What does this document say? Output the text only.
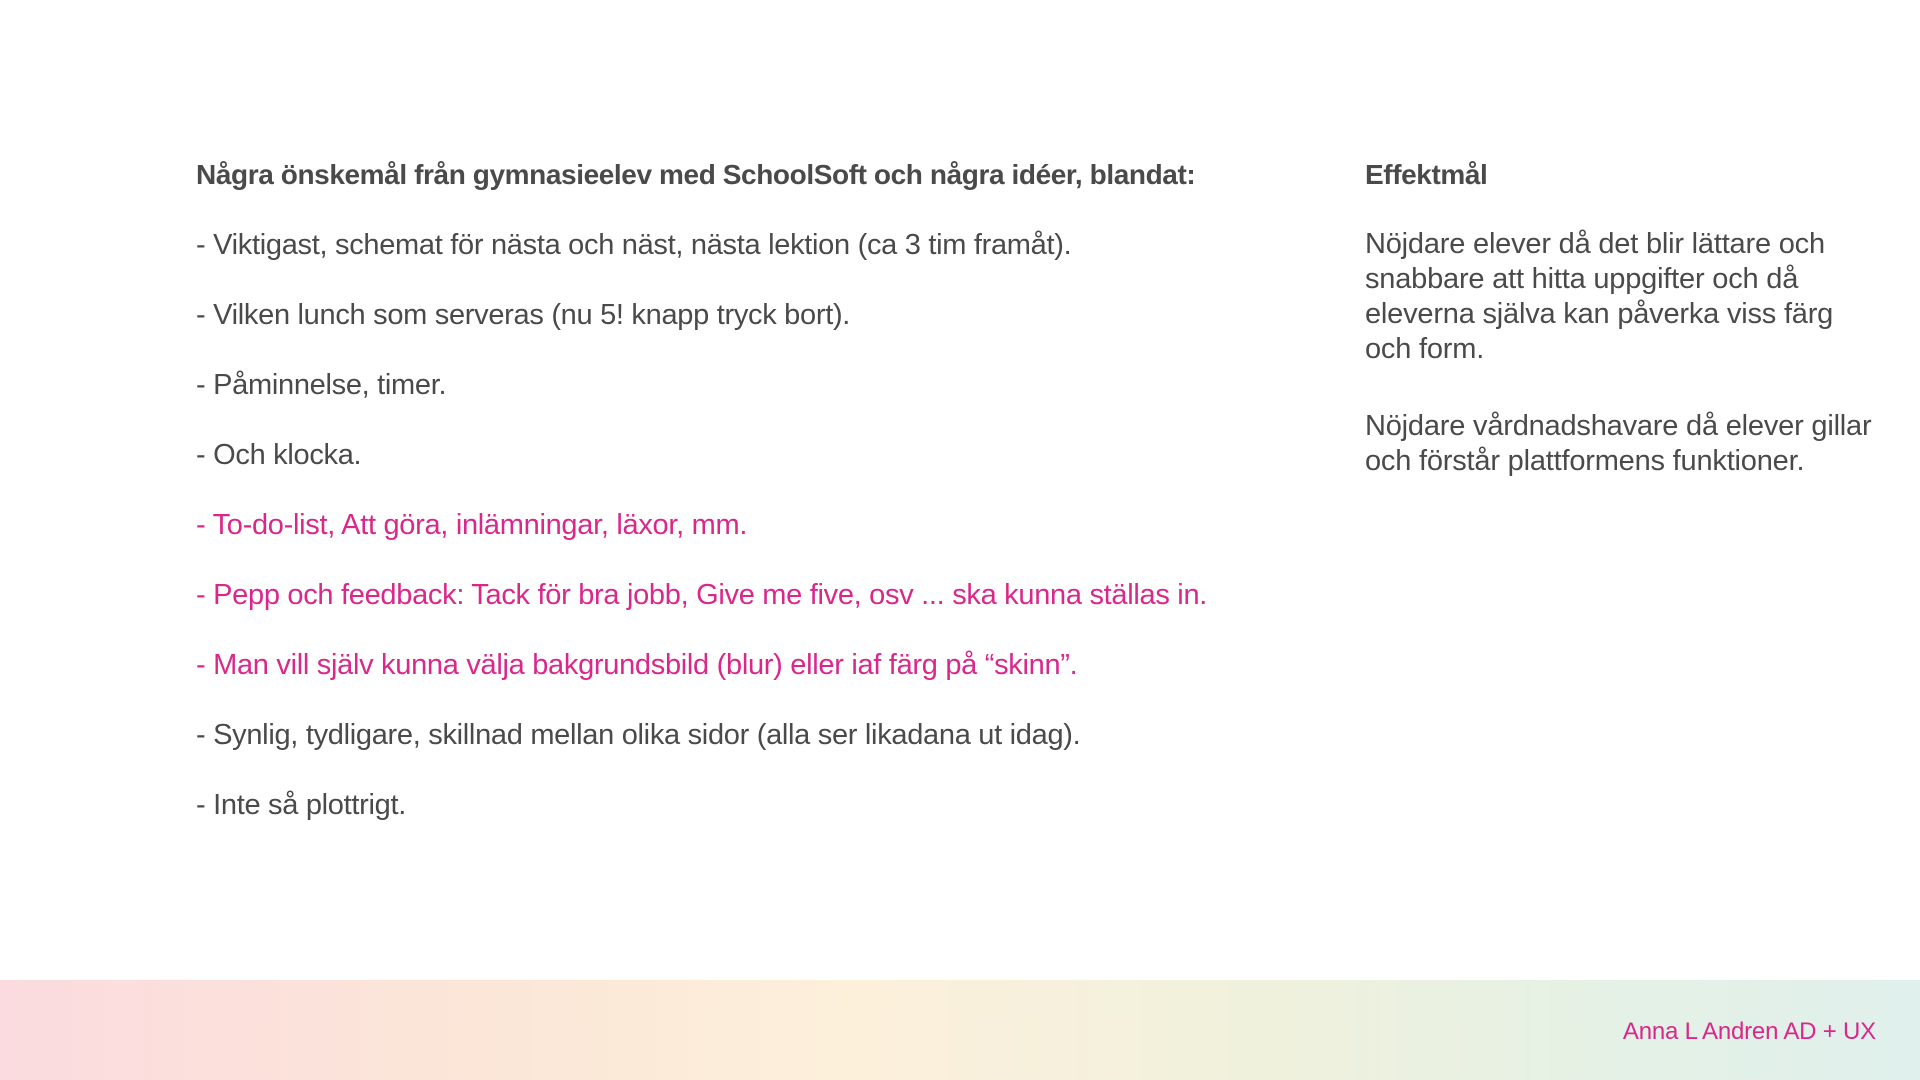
Några önskemål från gymnasieelev med SchoolSoft och några idéer, blandat:
- Viktigast, schemat för nästa och näst, nästa lektion (ca 3 tim framåt).
- Vilken lunch som serveras (nu 5! knapp tryck bort).
- Påminnelse, timer.
- Och klocka.
- To-do-list, Att göra, inlämningar, läxor, mm.
- Pepp och feedback: Tack för bra jobb, Give me five, osv ... ska kunna ställas in.
- Man vill själv kunna välja bakgrundsbild (blur) eller iaf färg på “skinn”.
- Synlig, tydligare, skillnad mellan olika sidor (alla ser likadana ut idag).
- Inte så plottrigt.
Effektmål

Nöjdare elever då det blir lättare och snabbare att hitta uppgifter och då eleverna själva kan påverka viss färg och form.

Nöjdare vårdnadshavare då elever gillar och förstår plattformens funktioner.

Anna L Andren AD + UX
